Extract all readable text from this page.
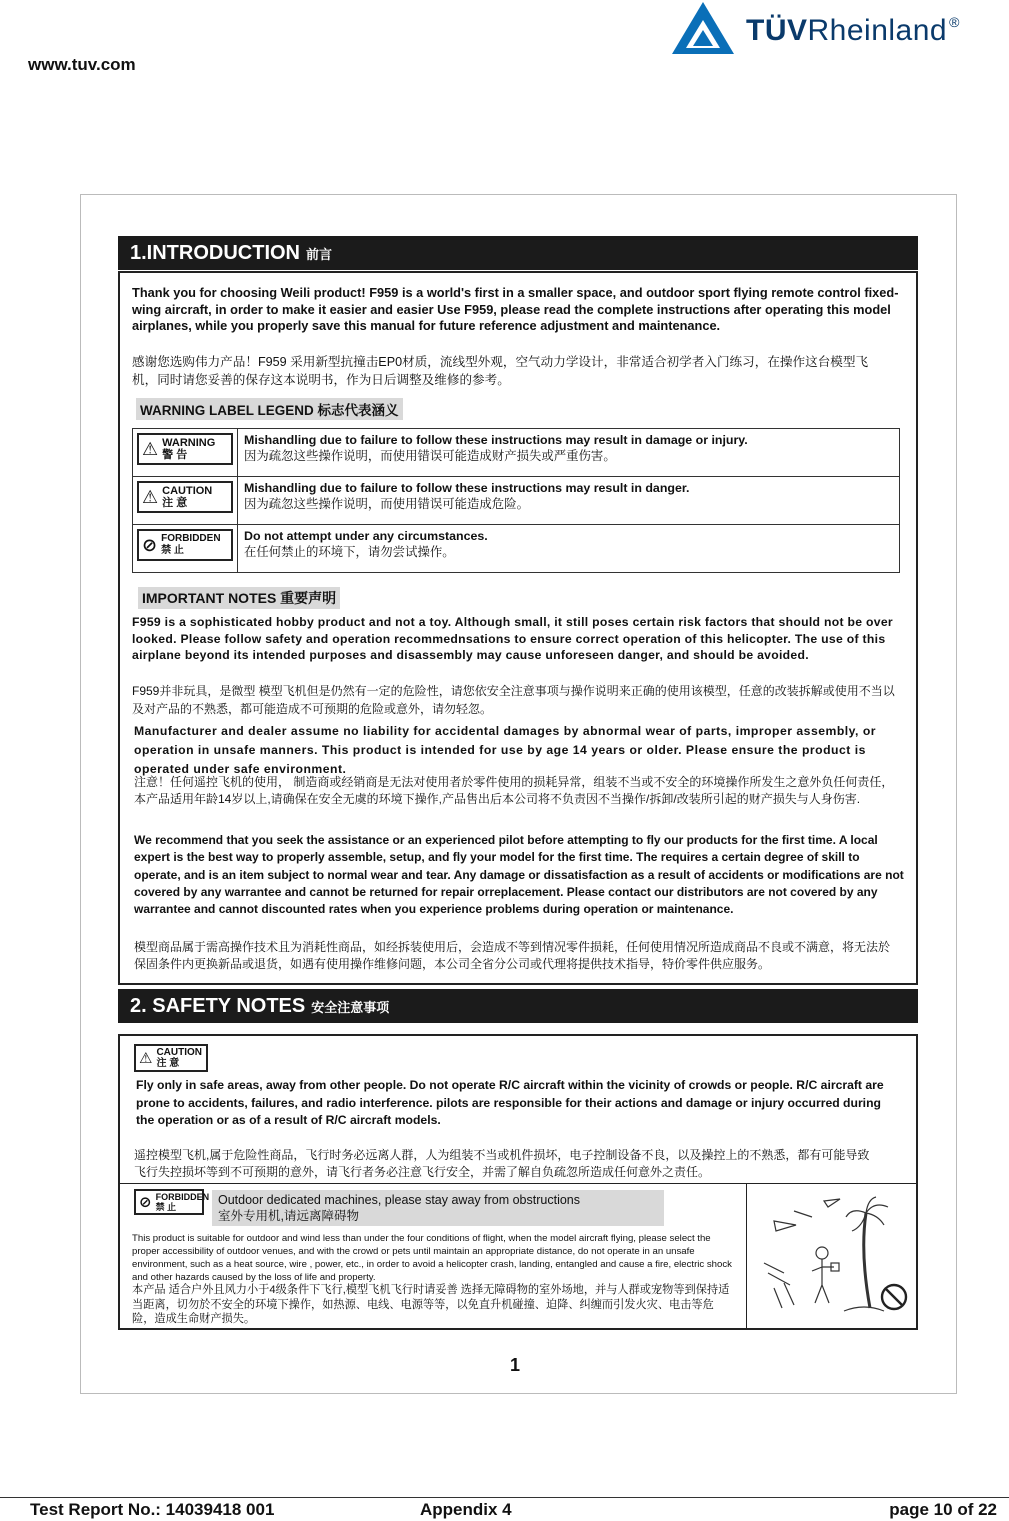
www.tuv.com
TÜVRheinland ®
1.INTRODUCTION 前言
Thank you for choosing Weili product! F959 is a world's first in a smaller space, and outdoor sport flying remote control fixed-wing aircraft, in order to make it easier and easier Use F959, please read the complete instructions after operating this model airplanes, while you properly save this manual for future reference adjustment and maintenance.
感谢您选购伟力产品！F959 采用新型抗撞击EP0材质，流线型外观，空气动力学设计，非常适合初学者入门练习，在操作这台模型飞机，同时请您妥善的保存这本说明书，作为日后调整及维修的参考。
WARNING LABEL LEGEND 标志代表涵义
⚠ WARNING
警 告	Mishandling due to failure to follow these instructions may result in damage or injury.
因为疏忽这些操作说明，而使用错误可能造成财产损失或严重伤害。

⚠ CAUTION
注 意	Mishandling due to failure to follow these instructions may result in danger.
因为疏忽这些操作说明，而使用错误可能造成危险。

⊘ FORBIDDEN
禁 止	Do not attempt under any circumstances.
在任何禁止的环境下，请勿尝试操作。
IMPORTANT NOTES 重要声明
F959 is a sophisticated hobby product and not a toy. Although small, it still poses certain risk factors that should not be over looked. Please follow safety and operation recommednsations to ensure correct operation of this helicopter. The use of this airplane beyond its intended purposes and disassembly may cause unforeseen danger, and should be avoided.
F959并非玩具，是微型 模型飞机但是仍然有一定的危险性，请您依安全注意事项与操作说明来正确的使用该模型，任意的改装拆解或使用不当以及对产品的不熟悉，都可能造成不可预期的危险或意外，请勿轻忽。
Manufacturer and dealer assume no liability for accidental damages by abnormal wear of parts, improper assembly, or operation in unsafe manners. This product is intended for use by age 14 years or older. Please ensure the product is operated under safe environment.
注意！任何遥控飞机的使用， 制造商或经销商是无法对使用者於零件使用的损耗异常，组装不当或不安全的环境操作所发生之意外负任何责任，本产品适用年龄14岁以上,请确保在安全无虞的环境下操作,产品售出后本公司将不负责因不当操作/拆卸/改装所引起的财产损失与人身伤害.
We recommend that you seek the assistance or an experienced pilot before attempting to fly our products for the first time. A local expert is the best way to properly assemble, setup, and fly your model for the first time. The requires a certain degree of skill to operate, and is an item subject to normal wear and tear. Any damage or dissatisfaction as a result of accidents or modifications are not covered by any warrantee and cannot be returned for repair orreplacement. Please contact our distributors are not covered by any warrantee and cannot discounted rates when you experience problems during operation or maintenance.
模型商品属于需高操作技术且为消耗性商品，如经拆装使用后，会造成不等到情况零件损耗，任何使用情况所造成商品不良或不满意，将无法於保固条件内更换新品或退货，如遇有使用操作维修问题，本公司全省分公司或代理将提供技术指导，特价零件供应服务。
2. SAFETY NOTES 安全注意事项
⚠ CAUTION
注 意
Fly only in safe areas, away from other people. Do not operate R/C aircraft within the vicinity of crowds or people. R/C aircraft are prone to accidents, failures, and radio interference. pilots are responsible for their actions and damage or injury occurred during the operation or as of a result of R/C aircraft models.
遥控模型飞机,属于危险性商品，飞行时务必远离人群，人为组装不当或机件损坏，电子控制设备不良，以及操控上的不熟悉，都有可能导致飞行失控损坏等到不可预期的意外，请飞行者务必注意飞行安全，并需了解自负疏忽所造成任何意外之责任。
⊘ FORBIDDEN
禁 止	Outdoor dedicated machines, please stay away from obstructions
室外专用机,请远离障碍物
This product is suitable for outdoor and wind less than under the four conditions of flight, when the model aircraft flying, please select the proper accessibility of outdoor venues, and with the crowd or pets until maintain an appropriate distance, do not operate in an unsafe environment, such as a heat source, wire , power, etc., in order to avoid a helicopter crash, landing, entangled and cause a fire, electric shock and other hazards caused by the loss of life and property.
本产品 适合户外且风力小于4级条件下飞行,模型飞机飞行时请妥善 选择无障碍物的室外场地，并与人群或宠物等到保持适当距离，切勿於不安全的环境下操作，如热源、电线、电源等等，以免直升机碰撞、迫降、纠缠而引发火灾、电击等危险，造成生命财产损失。
1
Test Report No.: 14039418 001	Appendix 4	page 10 of 22
